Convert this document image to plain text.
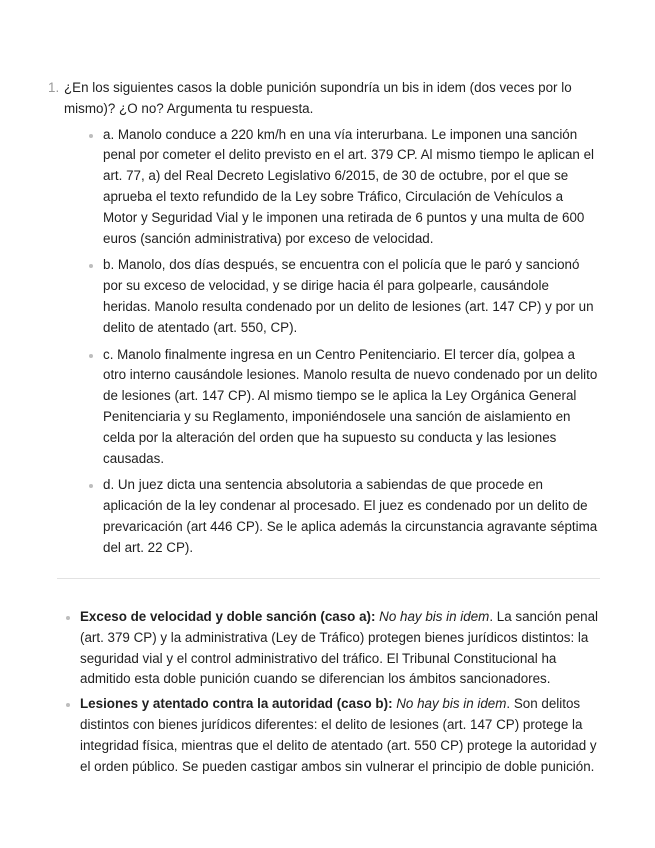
1. ¿En los siguientes casos la doble punición supondría un bis in idem (dos veces por lo mismo)? ¿O no? Argumenta tu respuesta.

a. Manolo conduce a 220 km/h en una vía interurbana. Le imponen una sanción penal por cometer el delito previsto en el art. 379 CP. Al mismo tiempo le aplican el art. 77, a) del Real Decreto Legislativo 6/2015, de 30 de octubre, por el que se aprueba el texto refundido de la Ley sobre Tráfico, Circulación de Vehículos a Motor y Seguridad Vial y le imponen una retirada de 6 puntos y una multa de 600 euros (sanción administrativa) por exceso de velocidad.
b. Manolo, dos días después, se encuentra con el policía que le paró y sancionó por su exceso de velocidad, y se dirige hacia él para golpearle, causándole heridas. Manolo resulta condenado por un delito de lesiones (art. 147 CP) y por un delito de atentado (art. 550, CP).
c. Manolo finalmente ingresa en un Centro Penitenciario. El tercer día, golpea a otro interno causándole lesiones. Manolo resulta de nuevo condenado por un delito de lesiones (art. 147 CP). Al mismo tiempo se le aplica la Ley Orgánica General Penitenciaria y su Reglamento, imponiéndosele una sanción de aislamiento en celda por la alteración del orden que ha supuesto su conducta y las lesiones causadas.
d. Un juez dicta una sentencia absolutoria a sabiendas de que procede en aplicación de la ley condenar al procesado. El juez es condenado por un delito de prevaricación (art 446 CP). Se le aplica además la circunstancia agravante séptima del art. 22 CP).
Exceso de velocidad y doble sanción (caso a): No hay bis in idem. La sanción penal (art. 379 CP) y la administrativa (Ley de Tráfico) protegen bienes jurídicos distintos: la seguridad vial y el control administrativo del tráfico. El Tribunal Constitucional ha admitido esta doble punición cuando se diferencian los ámbitos sancionadores.
Lesiones y atentado contra la autoridad (caso b): No hay bis in idem. Son delitos distintos con bienes jurídicos diferentes: el delito de lesiones (art. 147 CP) protege la integridad física, mientras que el delito de atentado (art. 550 CP) protege la autoridad y el orden público. Se pueden castigar ambos sin vulnerar el principio de doble punición.
